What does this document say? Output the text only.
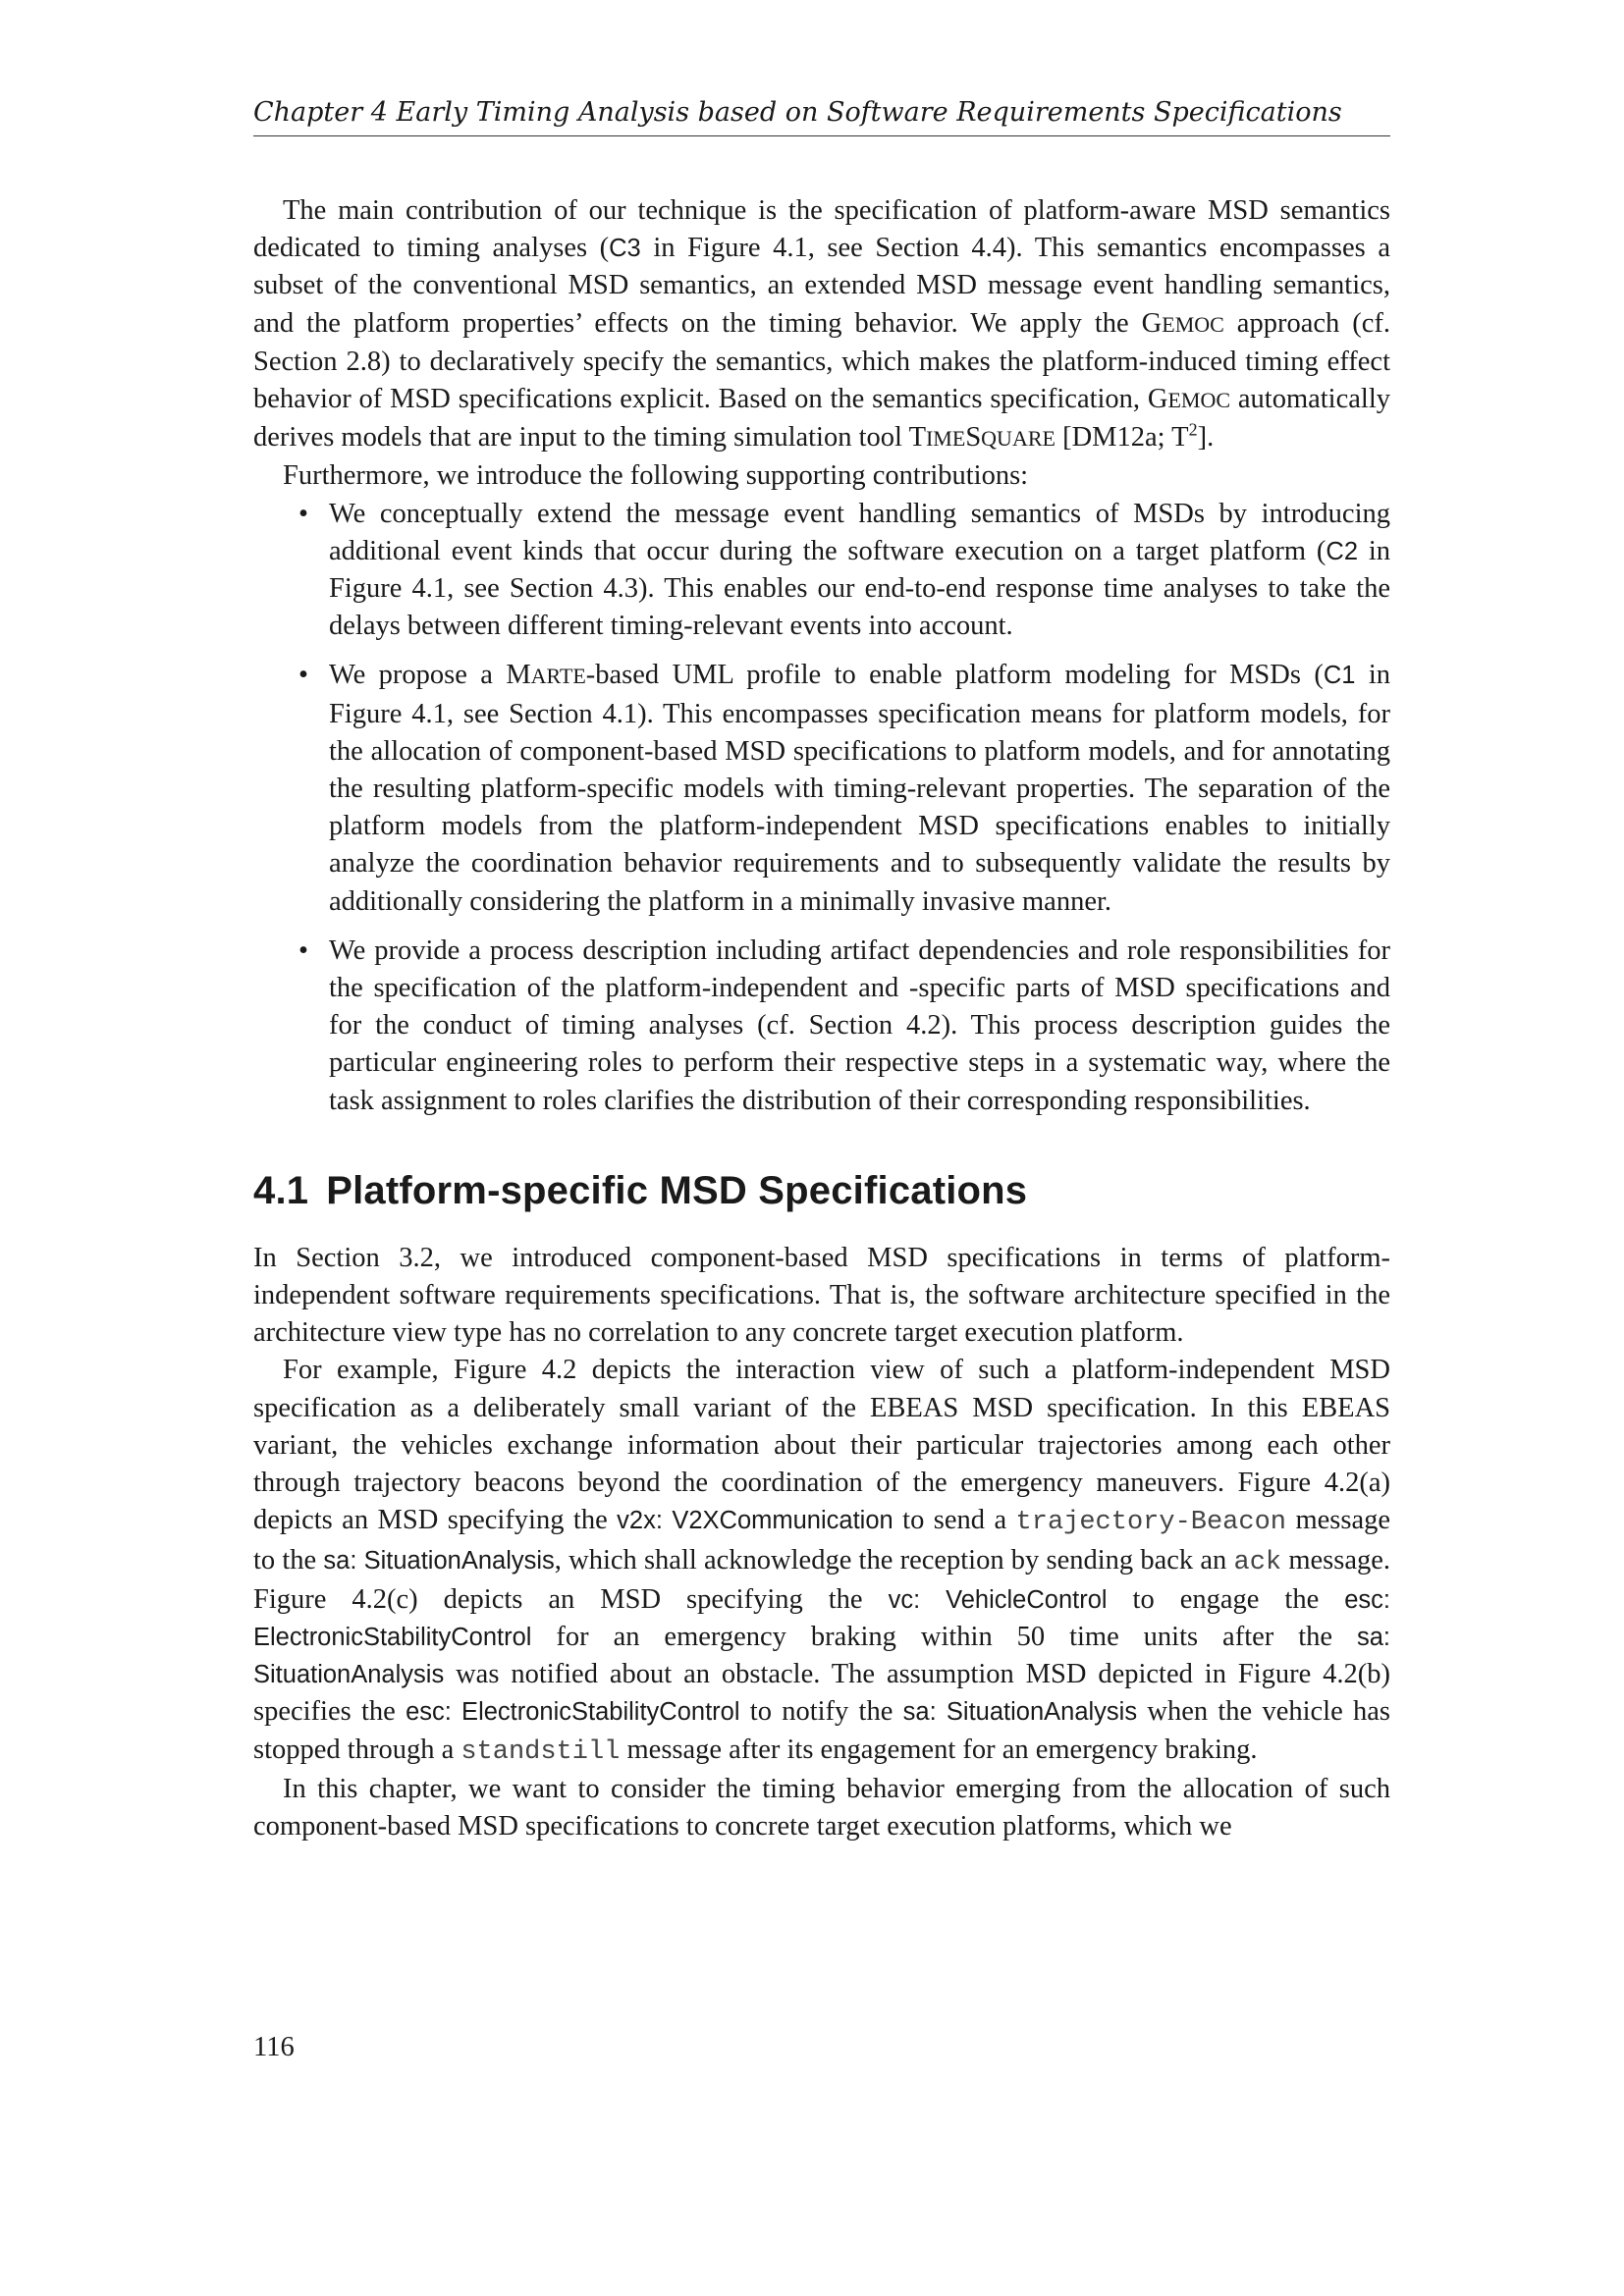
Chapter 4 Early Timing Analysis based on Software Requirements Specifications

The main contribution of our technique is the specification of platform-aware MSD semantics dedicated to timing analyses (C3 in Figure 4.1, see Section 4.4). This semantics encompasses a subset of the conventional MSD semantics, an extended MSD message event handling semantics, and the platform properties’ effects on the timing behavior. We apply the GEMOC approach (cf. Section 2.8) to declaratively specify the semantics, which makes the platform-induced timing effect behavior of MSD specifications explicit. Based on the semantics specification, GEMOC automatically derives models that are input to the timing simulation tool TIMESQUARE [DM12a; $T^2$].

Furthermore, we introduce the following supporting contributions:

• We conceptually extend the message event handling semantics of MSDs by introducing additional event kinds that occur during the software execution on a target platform (C2 in Figure 4.1, see Section 4.3). This enables our end-to-end response time analyses to take the delays between different timing-relevant events into account.
• We propose a MARTE-based UML profile to enable platform modeling for MSDs (C1 in Figure 4.1, see Section 4.1). This encompasses specification means for platform models, for the allocation of component-based MSD specifications to platform models, and for annotating the resulting platform-specific models with timing-relevant properties. The separation of the platform models from the platform-independent MSD specifications enables to initially analyze the coordination behavior requirements and to subsequently validate the results by additionally considering the platform in a minimally invasive manner.
• We provide a process description including artifact dependencies and role responsibilities for the specification of the platform-independent and -specific parts of MSD specifications and for the conduct of timing analyses (cf. Section 4.2). This process description guides the particular engineering roles to perform their respective steps in a systematic way, where the task assignment to roles clarifies the distribution of their corresponding responsibilities.
4.1 Platform-specific MSD Specifications

In Section 3.2, we introduced component-based MSD specifications in terms of platform-independent software requirements specifications. That is, the software architecture specified in the architecture view type has no correlation to any concrete target execution platform.

For example, Figure 4.2 depicts the interaction view of such a platform-independent MSD specification as a deliberately small variant of the EBEAS MSD specification. In this EBEAS variant, the vehicles exchange information about their particular trajectories among each other through trajectory beacons beyond the coordination of the emergency maneuvers. Figure 4.2(a) depicts an MSD specifying the v2x: V2XCommunication to send a trajectory-Beacon message to the sa: SituationAnalysis, which shall acknowledge the reception by sending back an ack message. Figure 4.2(c) depicts an MSD specifying the vc: VehicleControl to engage the esc: ElectronicStabilityControl for an emergency braking within 50 time units after the sa: SituationAnalysis was notified about an obstacle. The assumption MSD depicted in Figure 4.2(b) specifies the esc: ElectronicStabilityControl to notify the sa: SituationAnalysis when the vehicle has stopped through a standstill message after its engagement for an emergency braking.

In this chapter, we want to consider the timing behavior emerging from the allocation of such component-based MSD specifications to concrete target execution platforms, which we

116
